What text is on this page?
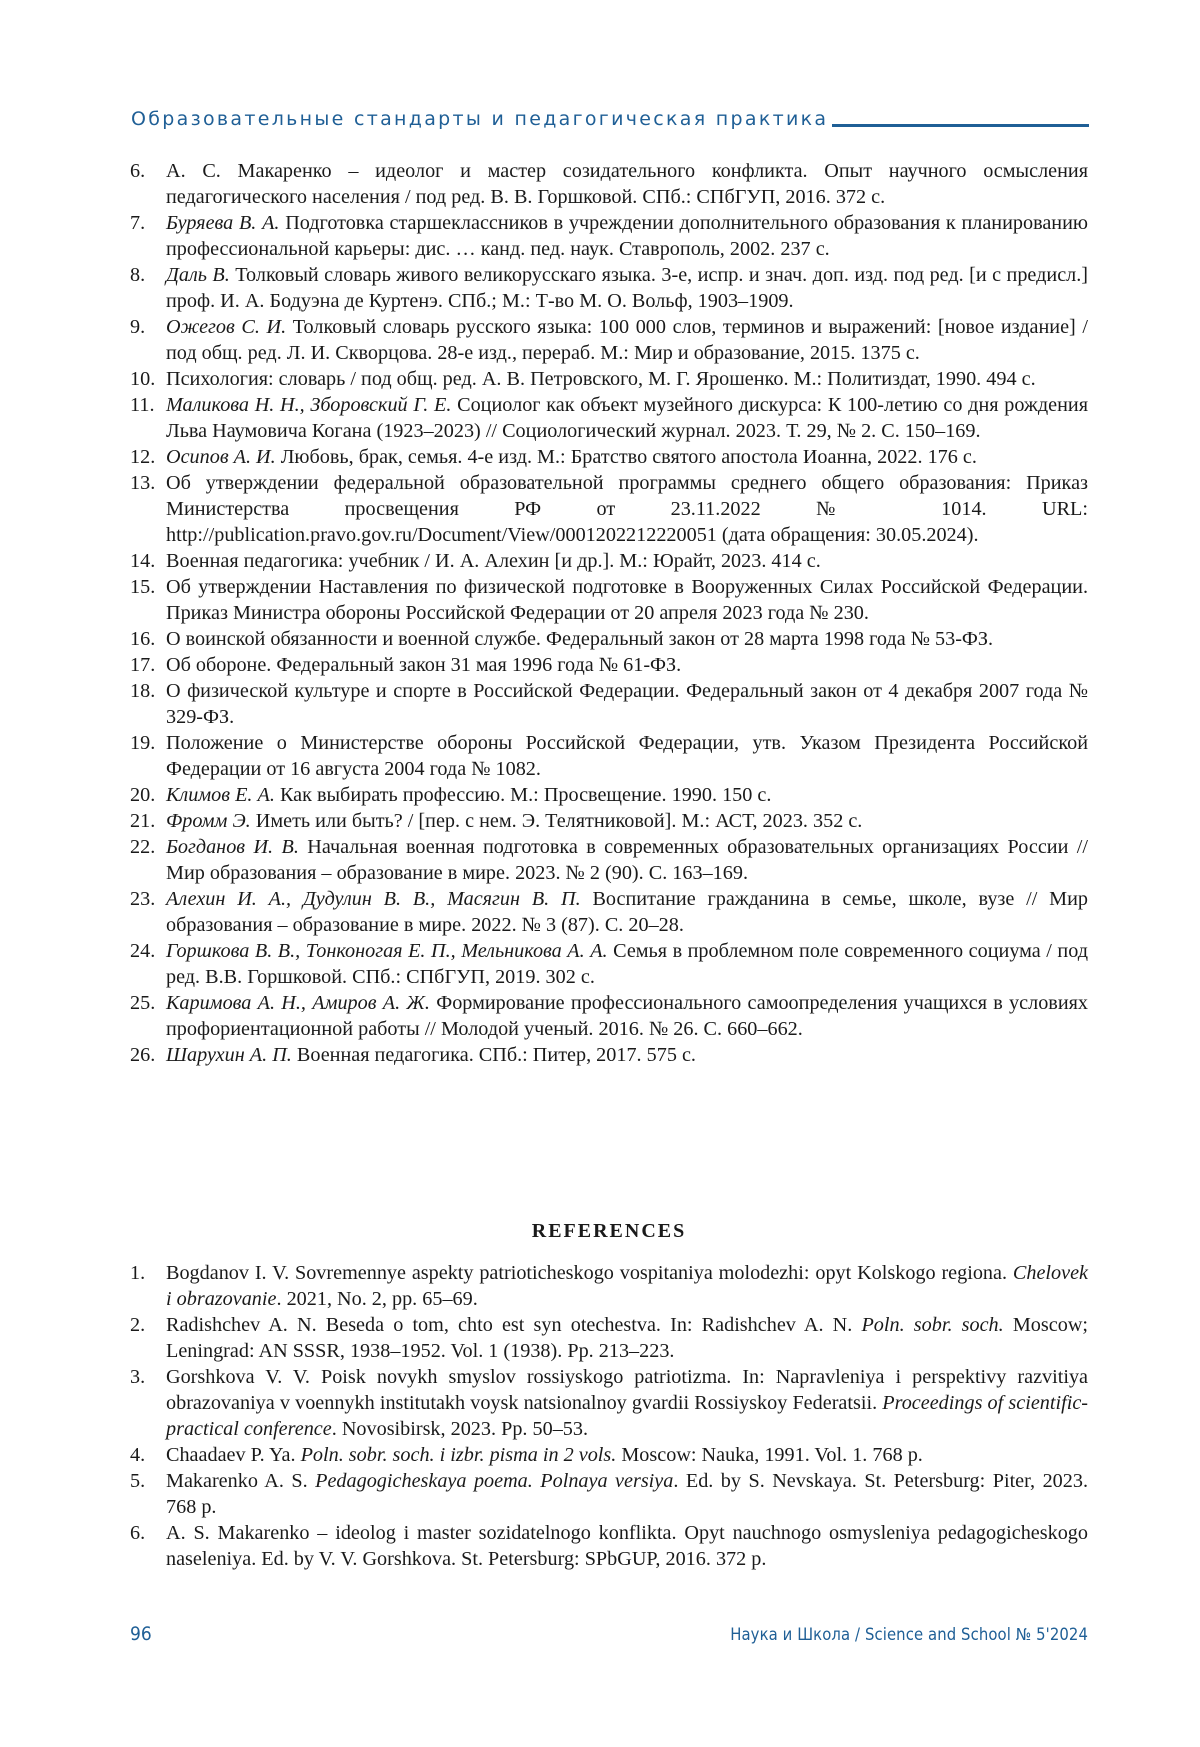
Образовательные стандарты и педагогическая практика
6. А. С. Макаренко – идеолог и мастер созидательного конфликта. Опыт научного осмысления педагогического населения / под ред. В. В. Горшковой. СПб.: СПбГУП, 2016. 372 с.
7. Буряева В. А. Подготовка старшеклассников в учреждении дополнительного образования к планированию профессиональной карьеры: дис. … канд. пед. наук. Ставрополь, 2002. 237 с.
8. Даль В. Толковый словарь живого великорусскаго языка. 3-е, испр. и знач. доп. изд. под ред. [и с предисл.] проф. И. А. Бодуэна де Куртенэ. СПб.; М.: Т-во М. О. Вольф, 1903–1909.
9. Ожегов С. И. Толковый словарь русского языка: 100 000 слов, терминов и выражений: [новое издание] / под общ. ред. Л. И. Скворцова. 28-е изд., перераб. М.: Мир и образование, 2015. 1375 с.
10. Психология: словарь / под общ. ред. А. В. Петровского, М. Г. Ярошенко. М.: Политиздат, 1990. 494 с.
11. Маликова Н. Н., Зборовский Г. Е. Социолог как объект музейного дискурса: К 100-летию со дня рождения Льва Наумовича Когана (1923–2023) // Социологический журнал. 2023. Т. 29, № 2. С. 150–169.
12. Осипов А. И. Любовь, брак, семья. 4-е изд. М.: Братство святого апостола Иоанна, 2022. 176 с.
13. Об утверждении федеральной образовательной программы среднего общего образования: Приказ Министерства просвещения РФ от 23.11.2022 № 1014. URL: http://publication.pravo.gov.ru/Document/View/0001202212220051 (дата обращения: 30.05.2024).
14. Военная педагогика: учебник / И. А. Алехин [и др.]. М.: Юрайт, 2023. 414 с.
15. Об утверждении Наставления по физической подготовке в Вооруженных Силах Российской Федерации. Приказ Министра обороны Российской Федерации от 20 апреля 2023 года № 230.
16. О воинской обязанности и военной службе. Федеральный закон от 28 марта 1998 года № 53-ФЗ.
17. Об обороне. Федеральный закон 31 мая 1996 года № 61-ФЗ.
18. О физической культуре и спорте в Российской Федерации. Федеральный закон от 4 декабря 2007 года № 329-ФЗ.
19. Положение о Министерстве обороны Российской Федерации, утв. Указом Президента Российской Федерации от 16 августа 2004 года № 1082.
20. Климов Е. А. Как выбирать профессию. М.: Просвещение. 1990. 150 с.
21. Фромм Э. Иметь или быть? / [пер. с нем. Э. Телятниковой]. М.: АСТ, 2023. 352 с.
22. Богданов И. В. Начальная военная подготовка в современных образовательных организациях России // Мир образования – образование в мире. 2023. № 2 (90). С. 163–169.
23. Алехин И. А., Дудулин В. В., Масягин В. П. Воспитание гражданина в семье, школе, вузе // Мир образования – образование в мире. 2022. № 3 (87). С. 20–28.
24. Горшкова В. В., Тонконогая Е. П., Мельникова А. А. Семья в проблемном поле современного социума / под ред. В.В. Горшковой. СПб.: СПбГУП, 2019. 302 с.
25. Каримова А. Н., Амиров А. Ж. Формирование профессионального самоопределения учащихся в условиях профориентационной работы // Молодой ученый. 2016. № 26. С. 660–662.
26. Шарухин А. П. Военная педагогика. СПб.: Питер, 2017. 575 с.
REFERENCES
1. Bogdanov I. V. Sovremennye aspekty patrioticheskogo vospitaniya molodezhi: opyt Kolskogo regiona. Chelovek i obrazovanie. 2021, No. 2, pp. 65–69.
2. Radishchev A. N. Beseda o tom, chto est syn otechestva. In: Radishchev A. N. Poln. sobr. soch. Moscow; Leningrad: AN SSSR, 1938–1952. Vol. 1 (1938). Pp. 213–223.
3. Gorshkova V. V. Poisk novykh smyslov rossiyskogo patriotizma. In: Napravleniya i perspektivy razvitiya obrazovaniya v voennykh institutakh voysk natsionalnoy gvardii Rossiyskoy Federatsii. Proceedings of scientific-practical conference. Novosibirsk, 2023. Pp. 50–53.
4. Chaadaev P. Ya. Poln. sobr. soch. i izbr. pisma in 2 vols. Moscow: Nauka, 1991. Vol. 1. 768 p.
5. Makarenko A. S. Pedagogicheskaya poema. Polnaya versiya. Ed. by S. Nevskaya. St. Petersburg: Piter, 2023. 768 p.
6. A. S. Makarenko – ideolog i master sozidatelnogo konflikta. Opyt nauchnogo osmysleniya pedagogicheskogo naseleniya. Ed. by V. V. Gorshkova. St. Petersburg: SPbGUP, 2016. 372 p.
96	Наука и Школа / Science and School № 5'2024
